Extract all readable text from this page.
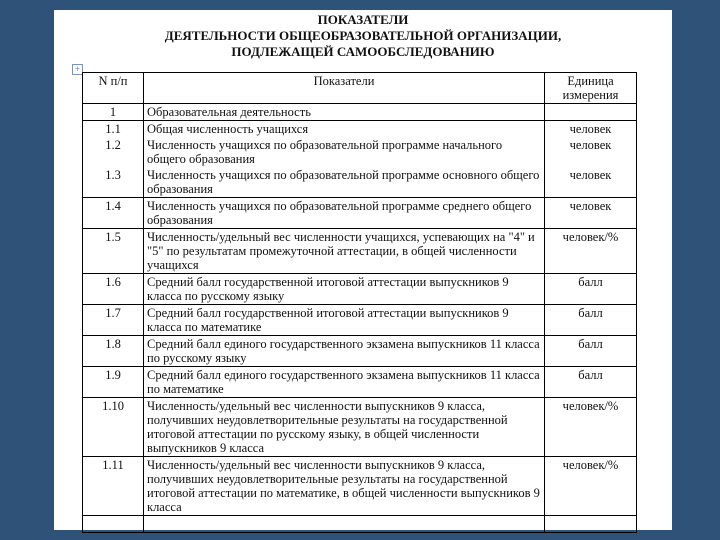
ПОКАЗАТЕЛИ
ДЕЯТЕЛЬНОСТИ ОБЩЕОБРАЗОВАТЕЛЬНОЙ ОРГАНИЗАЦИИ,
ПОДЛЕЖАЩЕЙ САМООБСЛЕДОВАНИЮ
+
N п/п	Показатели	Единица измерения
1	Образовательная деятельность	
1.1	Общая численность учащихся	человек
1.2	Численность учащихся по образовательной программе начального общего образования	человек
1.3	Численность учащихся по образовательной программе основного общего образования	человек
1.4	Численность учащихся по образовательной программе среднего общего образования	человек
1.5	Численность/удельный вес численности учащихся, успевающих на "4" и "5" по результатам промежуточной аттестации, в общей численности учащихся	человек/%
1.6	Средний балл государственной итоговой аттестации выпускников 9 класса по русскому языку	балл
1.7	Средний балл государственной итоговой аттестации выпускников 9 класса по математике	балл
1.8	Средний балл единого государственного экзамена выпускников 11 класса по русскому языку	балл
1.9	Средний балл единого государственного экзамена выпускников 11 класса по математике	балл
1.10	Численность/удельный вес численности выпускников 9 класса, получивших неудовлетворительные результаты на государственной итоговой аттестации по русскому языку, в общей численности выпускников 9 класса	человек/%
1.11	Численность/удельный вес численности выпускников 9 класса, получивших неудовлетворительные результаты на государственной итоговой аттестации по математике, в общей численности выпускников 9 класса	человек/%
